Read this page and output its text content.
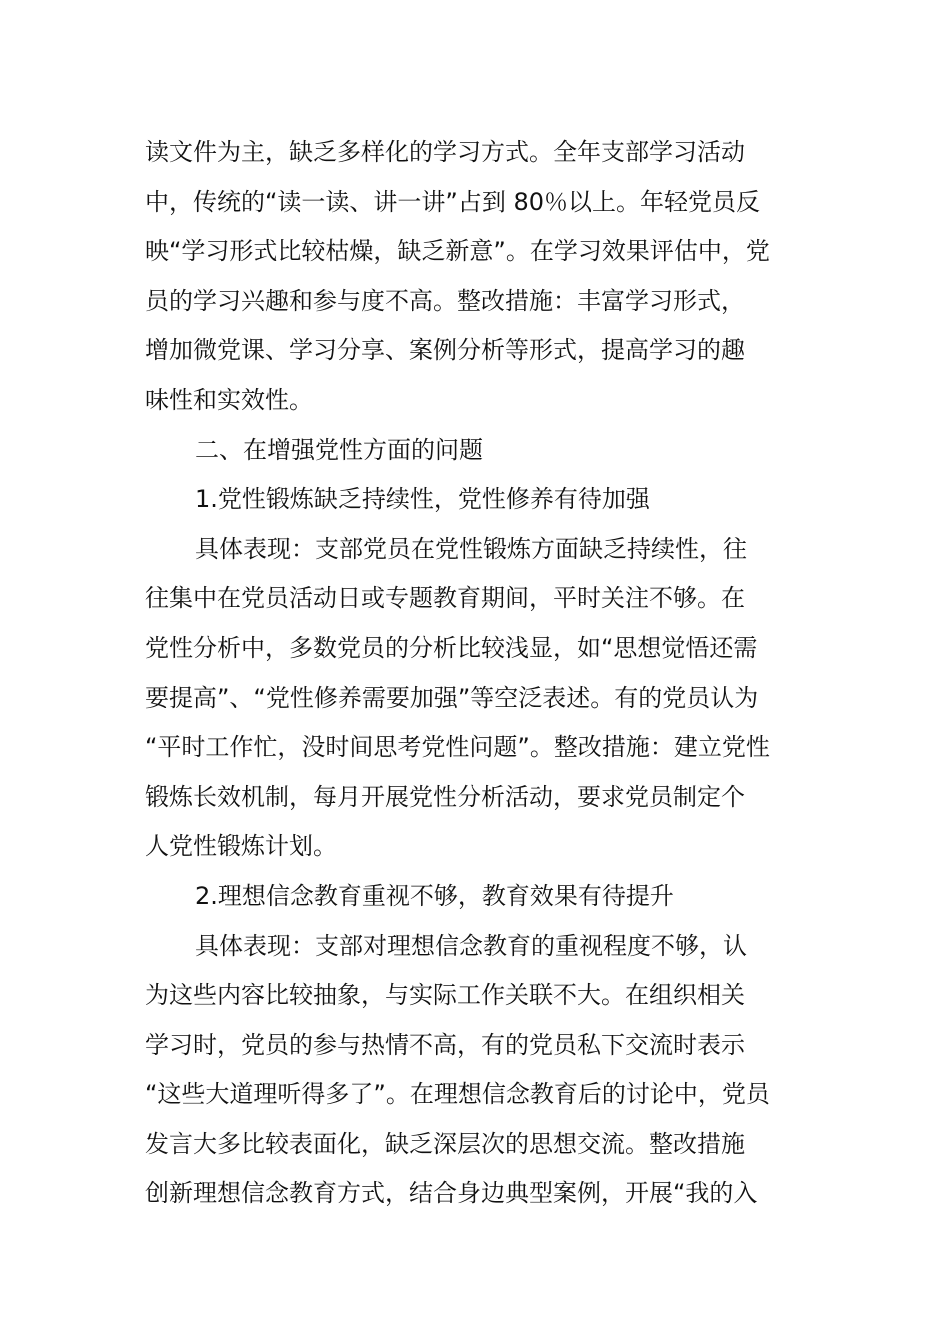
读文件为主，缺乏多样化的学习方式。全年支部学习活动
中，传统的“读一读、讲一讲”占到 80％以上。年轻党员反
映“学习形式比较枯燥，缺乏新意”。在学习效果评估中，党
员的学习兴趣和参与度不高。整改措施：丰富学习形式，
增加微党课、学习分享、案例分析等形式，提高学习的趣
味性和实效性。
二、在增强党性方面的问题
1.党性锻炼缺乏持续性，党性修养有待加强
具体表现：支部党员在党性锻炼方面缺乏持续性，往
往集中在党员活动日或专题教育期间，平时关注不够。在
党性分析中，多数党员的分析比较浅显，如“思想觉悟还需
要提高”、“党性修养需要加强”等空泛表述。有的党员认为
“平时工作忙，没时间思考党性问题”。整改措施：建立党性
锻炼长效机制，每月开展党性分析活动，要求党员制定个
人党性锻炼计划。
2.理想信念教育重视不够，教育效果有待提升
具体表现：支部对理想信念教育的重视程度不够，认
为这些内容比较抽象，与实际工作关联不大。在组织相关
学习时，党员的参与热情不高，有的党员私下交流时表示
“这些大道理听得多了”。在理想信念教育后的讨论中，党员
发言大多比较表面化，缺乏深层次的思想交流。整改措施
创新理想信念教育方式，结合身边典型案例，开展“我的入
